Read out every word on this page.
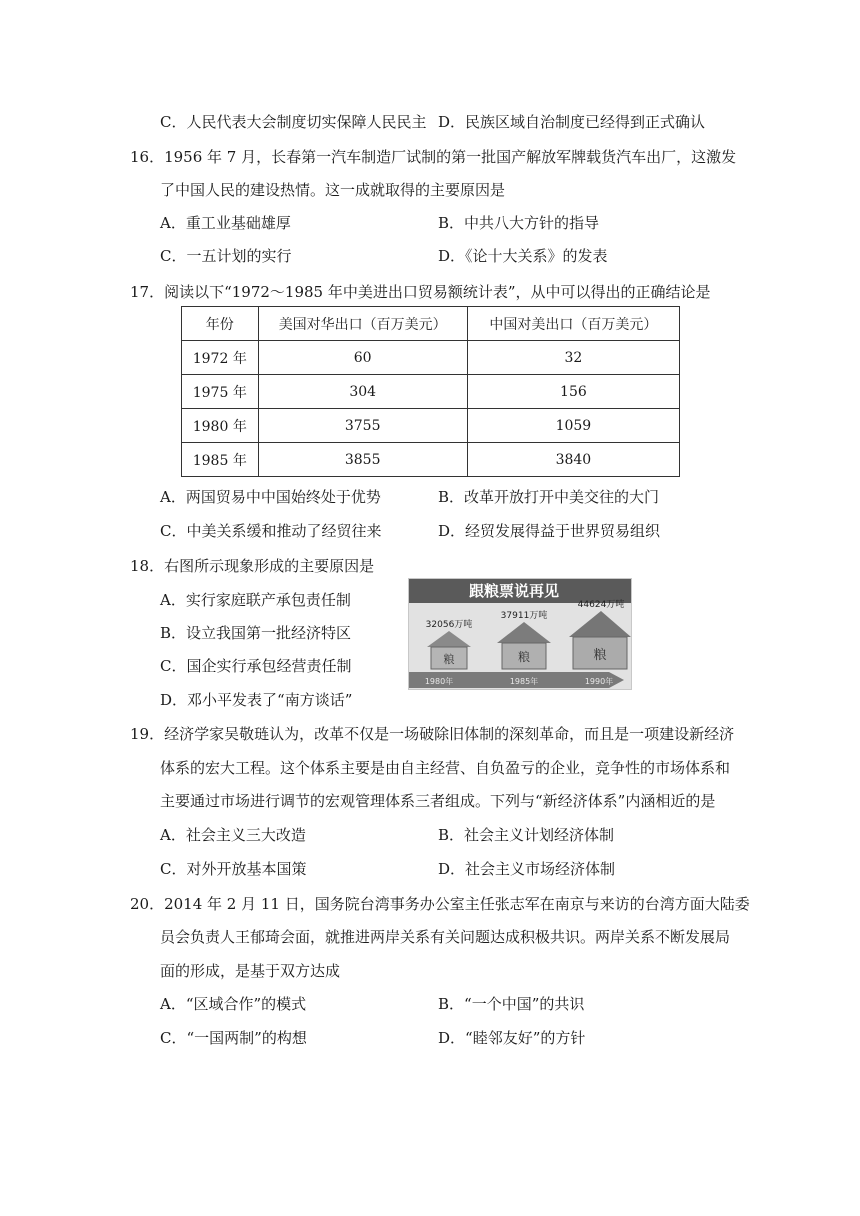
C．人民代表大会制度切实保障人民民主 D．民族区域自治制度已经得到正式确认
16．1956 年 7 月，长春第一汽车制造厂试制的第一批国产解放军牌载货汽车出厂，这激发
了中国人民的建设热情。这一成就取得的主要原因是
A．重工业基础雄厚	B．中共八大方针的指导
C．一五计划的实行	D．《论十大关系》的发表
17．阅读以下“1972～1985 年中美进出口贸易额统计表”，从中可以得出的正确结论是
年份	美国对华出口（百万美元）	中国对美出口（百万美元）
1972 年	60	32
1975 年	304	156
1980 年	3755	1059
1985 年	3855	3840
A．两国贸易中中国始终处于优势	B．改革开放打开中美交往的大门
C．中美关系缓和推动了经贸往来	D．经贸发展得益于世界贸易组织
18．右图所示现象形成的主要原因是
A．实行家庭联产承包责任制
B．设立我国第一批经济特区
C．国企实行承包经营责任制
D．邓小平发表了“南方谈话”
跟粮票说再见
32056万吨
37911万吨
44624万吨
粮	粮	粮
1980年	1985年	1990年
19．经济学家吴敬琏认为，改革不仅是一场破除旧体制的深刻革命，而且是一项建设新经济
体系的宏大工程。这个体系主要是由自主经营、自负盈亏的企业，竞争性的市场体系和
主要通过市场进行调节的宏观管理体系三者组成。下列与“新经济体系”内涵相近的是
A．社会主义三大改造	B．社会主义计划经济体制
C．对外开放基本国策	D．社会主义市场经济体制
20．2014 年 2 月 11 日，国务院台湾事务办公室主任张志军在南京与来访的台湾方面大陆委
员会负责人王郁琦会面，就推进两岸关系有关问题达成积极共识。两岸关系不断发展局
面的形成，是基于双方达成
A．“区域合作”的模式	B．“一个中国”的共识
C．“一国两制”的构想	D．“睦邻友好”的方针
